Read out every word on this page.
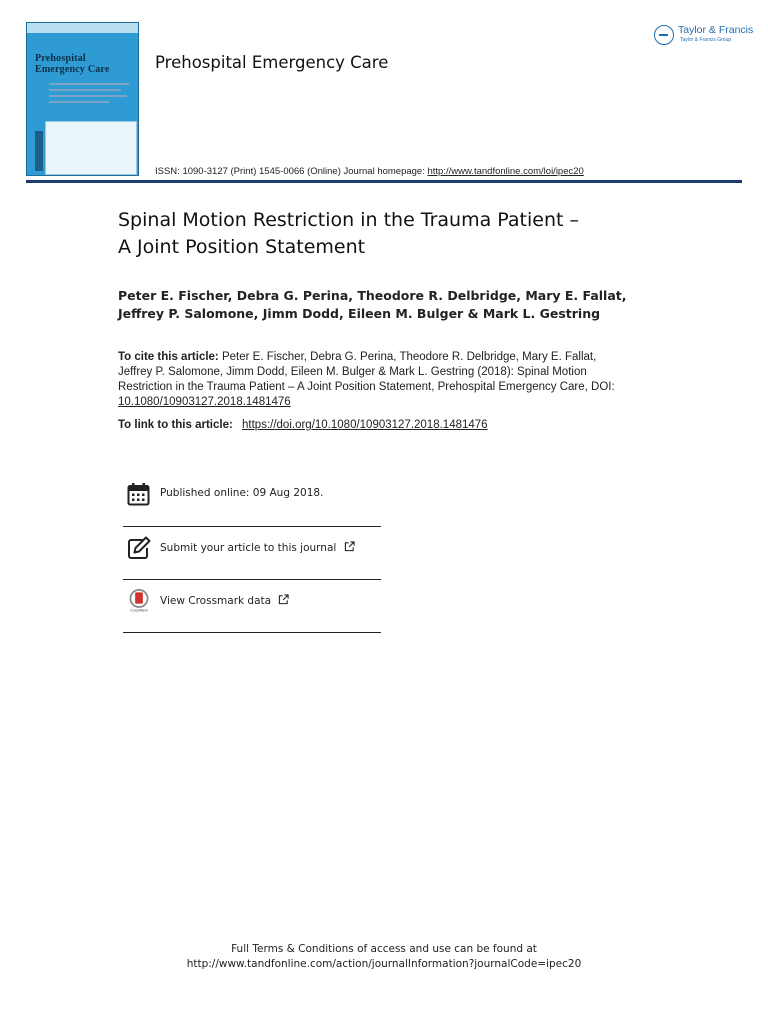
Prehospital
Emergency Care	Prehospital Emergency Care
Taylor & Francis
Taylor & Francis Group
ISSN: 1090-3127 (Print) 1545-0066 (Online) Journal homepage: http://www.tandfonline.com/loi/ipec20
Spinal Motion Restriction in the Trauma Patient –
A Joint Position Statement
Peter E. Fischer, Debra G. Perina, Theodore R. Delbridge, Mary E. Fallat,
Jeffrey P. Salomone, Jimm Dodd, Eileen M. Bulger & Mark L. Gestring
To cite this article: Peter E. Fischer, Debra G. Perina, Theodore R. Delbridge, Mary E. Fallat,
Jeffrey P. Salomone, Jimm Dodd, Eileen M. Bulger & Mark L. Gestring (2018): Spinal Motion
Restriction in the Trauma Patient – A Joint Position Statement, Prehospital Emergency Care, DOI:
10.1080/10903127.2018.1481476
To link to this article: https://doi.org/10.1080/10903127.2018.1481476
Published online: 09 Aug 2018.
Submit your article to this journal
CrossMark
View Crossmark data
Full Terms & Conditions of access and use can be found at
http://www.tandfonline.com/action/journalInformation?journalCode=ipec20
